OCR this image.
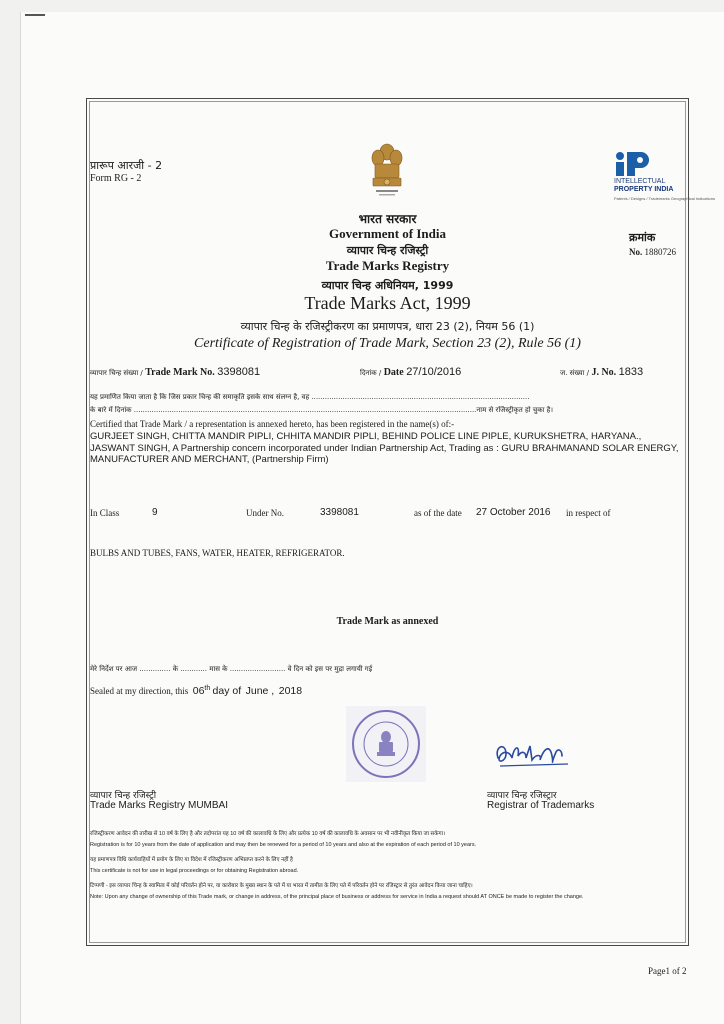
प्रारूप आरजी - 2
Form RG - 2	INTELLECTUAL
PROPERTY INDIA
Patents / Designs / Trademarks Geographical Indications
भारत सरकार
Government of India
व्यापार चिन्ह रजिस्ट्री
Trade Marks Registry
व्यापार चिन्ह अधिनियम, 1999
Trade Marks Act, 1999
व्यापार चिन्ह के रजिस्ट्रीकरण का प्रमाणपत्र, धारा 23 (2), नियम 56 (1)
Certificate of Registration of Trade Mark, Section 23 (2), Rule 56 (1)
क्रमांक
No. 1880726
व्यापार चिन्ह संख्या / Trade Mark No. 3398081	दिनांक / Date 27/10/2016	ज. संख्या / J. No. 1833
यह प्रमाणित किया जाता है कि जिस प्रकार चिन्ह की समाकृति इसके साथ संलग्न है, वह ..................................................................................................
के बारे में दिनांक ..........................................................................................................................................................नाम से रजिस्ट्रीकृत हो चुका है।
Certified that Trade Mark / a representation is annexed hereto, has been registered in the name(s) of:-
GURJEET SINGH, CHITTA MANDIR PIPLI, CHHITA MANDIR PIPLI, BEHIND POLICE LINE PIPLE, KURUKSHETRA, HARYANA., JASWANT SINGH, A Partnership concern incorporated under Indian Partnership Act, Trading as : GURU BRAHMANAND SOLAR ENERGY, MANUFACTURER AND MERCHANT, (Partnership Firm)
In Class	9	Under No.	3398081	as of the date 27 October 2016 in respect of
BULBS AND TUBES, FANS, WATER, HEATER, REFRIGERATOR.
Trade Mark as annexed
मेरे निर्देश पर आज .............. के ............ मास के ......................... वे दिन को इस पर मुद्रा लगायी गई
Sealed at my direction, this 06th day of June , 2018
व्यापार चिन्ह रजिस्ट्री
Trade Marks Registry MUMBAI
व्यापार चिन्ह रजिस्ट्रार
Registrar of Trademarks
रजिस्ट्रीकरण आवेदन की तारीख से 10 वर्ष के लिए है और तदोपरांत यह 10 वर्ष की कालावधि के लिए और प्रत्येक 10 वर्ष की कालावधि के अवसान पर भी नवीनीकृत किया जा सकेगा।
Registration is for 10 years from the date of application and may then be renewed for a period of 10 years and also at the expiration of each period of 10 years.
यह प्रमाणपत्र विधि कार्यवाहियों में प्रयोग के लिए या विदेश में रजिस्ट्रीकरण अभिप्राप्त करने के लिए नहीं है
This certificate is not for use in legal proceedings or for obtaining Registration abroad.
टिप्पणी - इस व्यापार चिन्ह के स्वामित्व में कोई परिवर्तन होने पर, या कारोबार के मुख्य स्थान के पते में या भारत में तामील के लिए पते में परिवर्तन होने पर रजिस्ट्रार से तुरंत आवेदन किया जाना चाहिए।
Note: Upon any change of ownership of this Trade mark, or change in address, of the principal place of business or address for service in India a request should AT ONCE be made to register the change.
Page1 of 2
